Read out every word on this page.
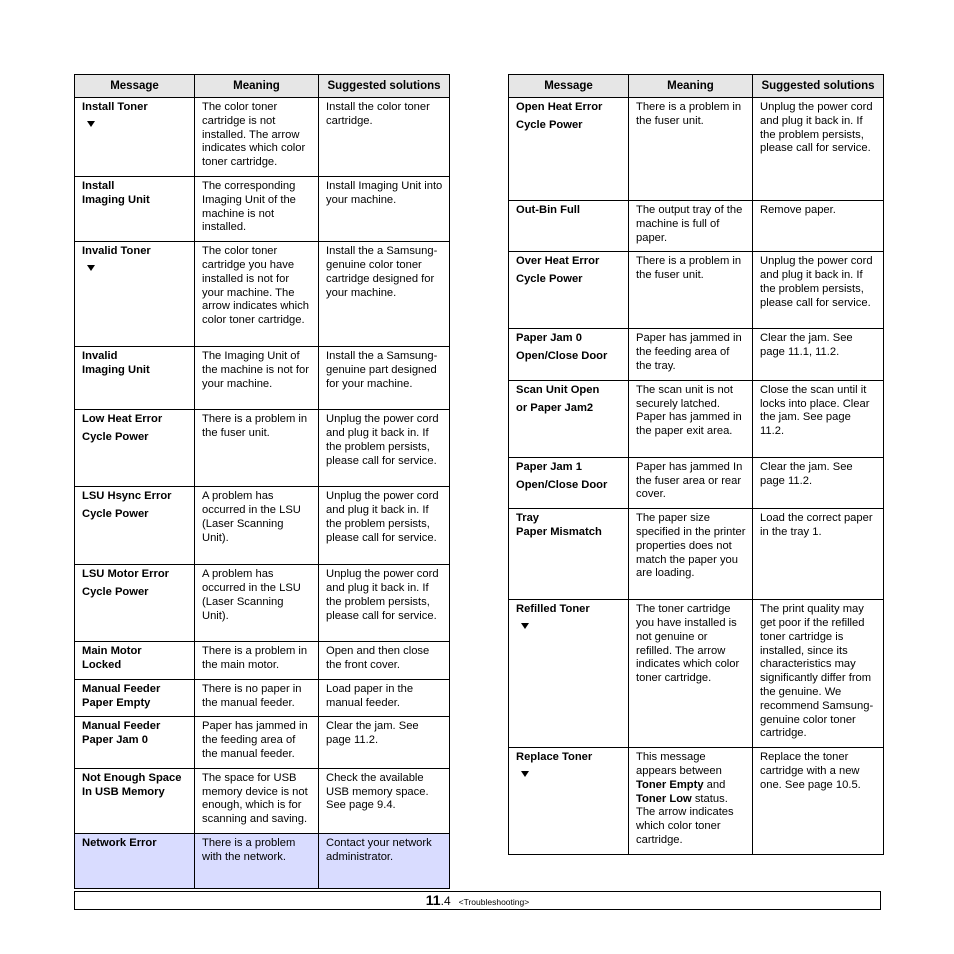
Message	Meaning	Suggested solutions

Install Toner	The color toner cartridge is not installed. The arrow indicates which color toner cartridge.	Install the color toner cartridge.

Install
Imaging Unit	The corresponding Imaging Unit of the machine is not installed.	Install Imaging Unit into your machine.

Invalid Toner	The color toner cartridge you have installed is not for your machine. The arrow indicates which color toner cartridge.	Install the a Samsung-genuine color toner cartridge designed for your machine.

Invalid
Imaging Unit	The Imaging Unit of the machine is not for your machine.	Install the a Samsung-genuine part designed for your machine.

Low Heat Error
Cycle Power	There is a problem in the fuser unit.	Unplug the power cord and plug it back in. If the problem persists, please call for service.

LSU Hsync Error
Cycle Power	A problem has occurred in the LSU (Laser Scanning Unit).	Unplug the power cord and plug it back in. If the problem persists, please call for service.

LSU Motor Error
Cycle Power	A problem has occurred in the LSU (Laser Scanning Unit).	Unplug the power cord and plug it back in. If the problem persists, please call for service.

Main Motor
Locked	There is a problem in the main motor.	Open and then close the front cover.

Manual Feeder
Paper Empty	There is no paper in the manual feeder.	Load paper in the manual feeder.

Manual Feeder
Paper Jam 0	Paper has jammed in the feeding area of the manual feeder.	Clear the jam. See page 11.2.

Not Enough Space
In USB Memory	The space for USB memory device is not enough, which is for scanning and saving.	Check the available USB memory space. See page 9.4.

Network Error	There is a problem with the network.	Contact your network administrator.
Message	Meaning	Suggested solutions

Open Heat Error
Cycle Power	There is a problem in the fuser unit.	Unplug the power cord and plug it back in. If the problem persists, please call for service.

Out-Bin Full	The output tray of the machine is full of paper.	Remove paper.

Over Heat Error
Cycle Power	There is a problem in the fuser unit.	Unplug the power cord and plug it back in. If the problem persists, please call for service.

Paper Jam 0
Open/Close Door	Paper has jammed in the feeding area of the tray.	Clear the jam. See page 11.1, 11.2.

Scan Unit Open
or Paper Jam2	The scan unit is not securely latched. Paper has jammed in the paper exit area.	Close the scan until it locks into place. Clear the jam. See page 11.2.

Paper Jam 1
Open/Close Door	Paper has jammed In the fuser area or rear cover.	Clear the jam. See page 11.2.

Tray
Paper Mismatch	The paper size specified in the printer properties does not match the paper you are loading.	Load the correct paper in the tray 1.

Refilled Toner	The toner cartridge you have installed is not genuine or refilled. The arrow indicates which color toner cartridge.	The print quality may get poor if the refilled toner cartridge is installed, since its characteristics may significantly differ from the genuine. We recommend Samsung-genuine color toner cartridge.

Replace Toner	This message appears between Toner Empty and Toner Low status. The arrow indicates which color toner cartridge.	Replace the toner cartridge with a new one. See page 10.5.
11.4 <Troubleshooting>
